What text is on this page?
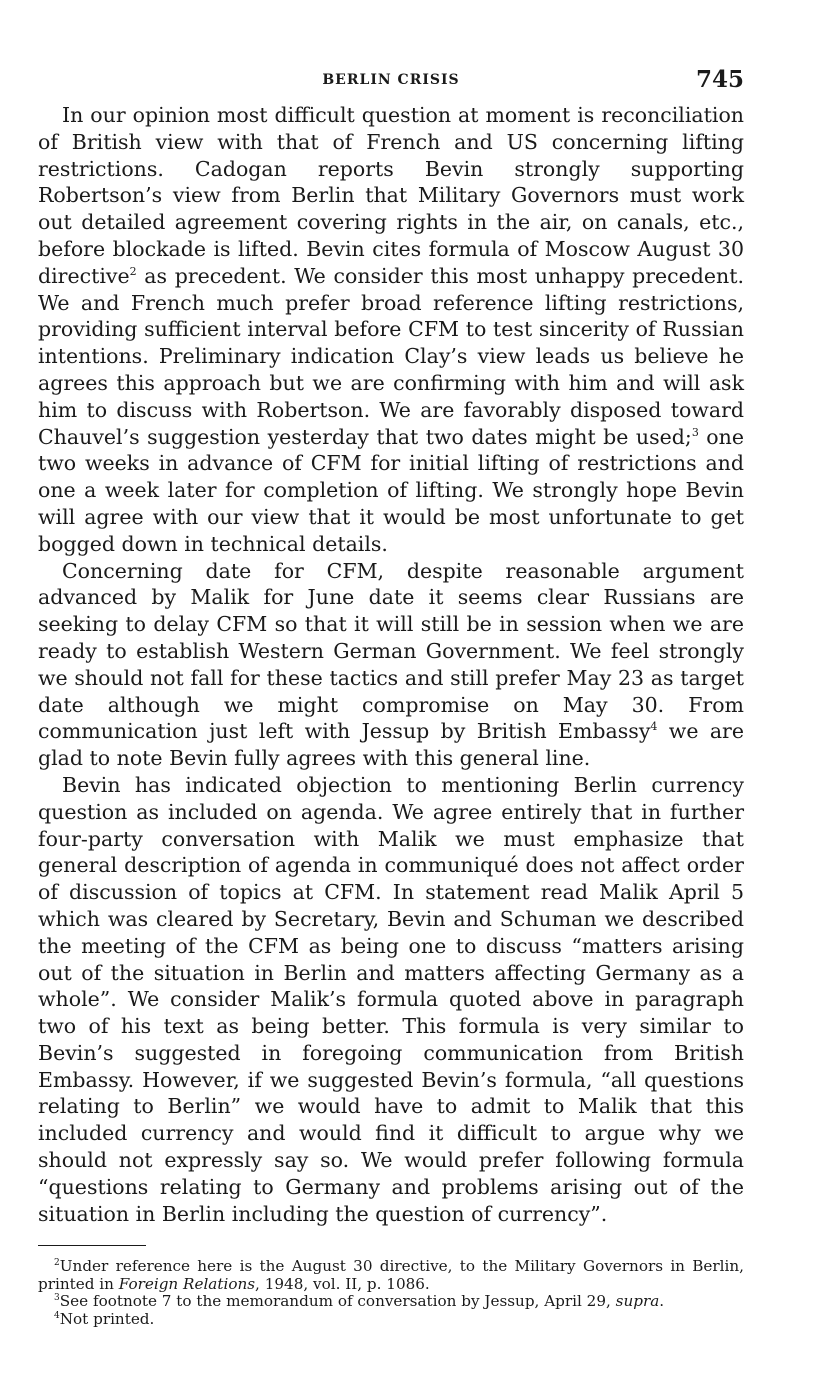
BERLIN CRISIS	745

In our opinion most difficult question at moment is reconciliation of British view with that of French and US concerning lifting restrictions. Cadogan reports Bevin strongly supporting Robertson’s view from Berlin that Military Governors must work out detailed agreement covering rights in the air, on canals, etc., before blockade is lifted. Bevin cites formula of Moscow August 30 directive$^2$ as precedent. We consider this most unhappy precedent. We and French much prefer broad reference lifting restrictions, providing sufficient interval before CFM to test sincerity of Russian intentions. Preliminary indication Clay’s view leads us believe he agrees this approach but we are confirming with him and will ask him to discuss with Robertson. We are favorably disposed toward Chauvel’s suggestion yesterday that two dates might be used;$^3$ one two weeks in advance of CFM for initial lifting of restrictions and one a week later for completion of lifting. We strongly hope Bevin will agree with our view that it would be most unfortunate to get bogged down in technical details.

Concerning date for CFM, despite reasonable argument advanced by Malik for June date it seems clear Russians are seeking to delay CFM so that it will still be in session when we are ready to establish Western German Government. We feel strongly we should not fall for these tactics and still prefer May 23 as target date although we might compromise on May 30. From communication just left with Jessup by British Embassy$^4$ we are glad to note Bevin fully agrees with this general line.

Bevin has indicated objection to mentioning Berlin currency question as included on agenda. We agree entirely that in further four-party conversation with Malik we must emphasize that general description of agenda in communiqué does not affect order of discussion of topics at CFM. In statement read Malik April 5 which was cleared by Secretary, Bevin and Schuman we described the meeting of the CFM as being one to discuss “matters arising out of the situation in Berlin and matters affecting Germany as a whole”. We consider Malik’s formula quoted above in paragraph two of his text as being better. This formula is very similar to Bevin’s suggested in foregoing communication from British Embassy. However, if we suggested Bevin’s formula, “all questions relating to Berlin” we would have to admit to Malik that this included currency and would find it difficult to argue why we should not expressly say so. We would prefer following formula “questions relating to Germany and problems arising out of the situation in Berlin including the question of currency”.

$^2$Under reference here is the August 30 directive, to the Military Governors in Berlin, printed in Foreign Relations, 1948, vol. II, p. 1086.

$^3$See footnote 7 to the memorandum of conversation by Jessup, April 29, supra.

$^4$Not printed.
